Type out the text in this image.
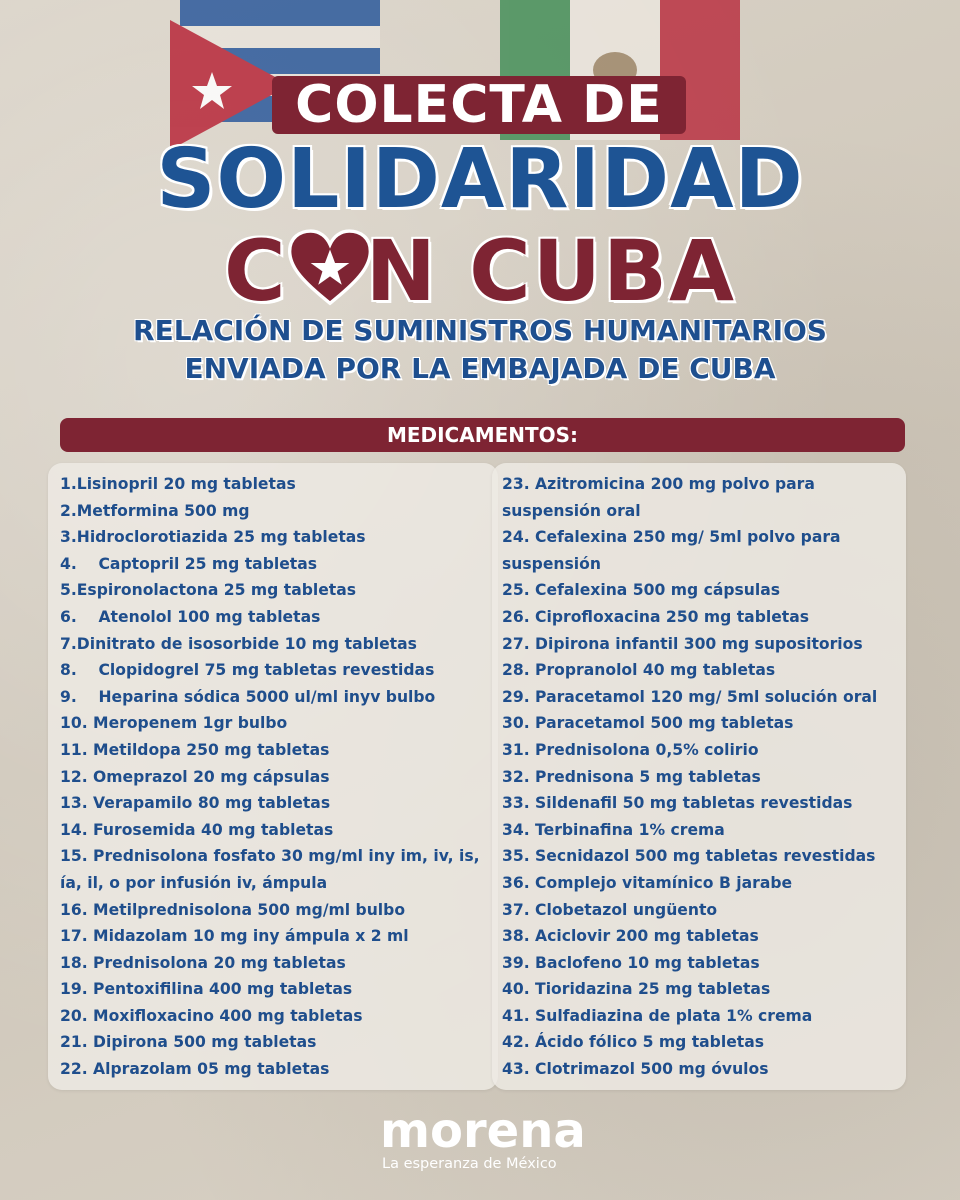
COLECTA DE
SOLIDARIDAD
C N CUBA
RELACIÓN DE SUMINISTROS HUMANITARIOS
ENVIADA POR LA EMBAJADA DE CUBA
MEDICAMENTOS:
1.Lisinopril 20 mg tabletas
2.Metformina 500 mg
3.Hidroclorotiazida 25 mg tabletas
4.    Captopril 25 mg tabletas
5.Espironolactona 25 mg tabletas
6.    Atenolol 100 mg tabletas
7.Dinitrato de isosorbide 10 mg tabletas
8.    Clopidogrel 75 mg tabletas revestidas
9.    Heparina sódica 5000 ul/ml inyv bulbo
10. Meropenem 1gr bulbo
11. Metildopa 250 mg tabletas
12. Omeprazol 20 mg cápsulas
13. Verapamilo 80 mg tabletas
14. Furosemida 40 mg tabletas
15. Prednisolona fosfato 30 mg/ml iny im, iv, is, ía, il, o por infusión iv, ámpula
16. Metilprednisolona 500 mg/ml bulbo
17. Midazolam 10 mg iny ámpula x 2 ml
18. Prednisolona 20 mg tabletas
19. Pentoxifilina 400 mg tabletas
20. Moxifloxacino 400 mg tabletas
21. Dipirona 500 mg tabletas
22. Alprazolam 05 mg tabletas
23. Azitromicina 200 mg polvo para suspensión oral
24. Cefalexina 250 mg/ 5ml polvo para suspensión
25. Cefalexina 500 mg cápsulas
26. Ciprofloxacina 250 mg tabletas
27. Dipirona infantil 300 mg supositorios
28. Propranolol 40 mg tabletas
29. Paracetamol 120 mg/ 5ml solución oral
30. Paracetamol 500 mg tabletas
31. Prednisolona 0,5% colirio
32. Prednisona 5 mg tabletas
33. Sildenafil 50 mg tabletas revestidas
34. Terbinafina 1% crema
35. Secnidazol 500 mg tabletas revestidas
36. Complejo vitamínico B jarabe
37. Clobetazol ungüento
38. Aciclovir 200 mg tabletas
39. Baclofeno 10 mg tabletas
40. Tioridazina 25 mg tabletas
41. Sulfadiazina de plata 1% crema
42. Ácido fólico 5 mg tabletas
43. Clotrimazol 500 mg óvulos
morena
La esperanza de México
